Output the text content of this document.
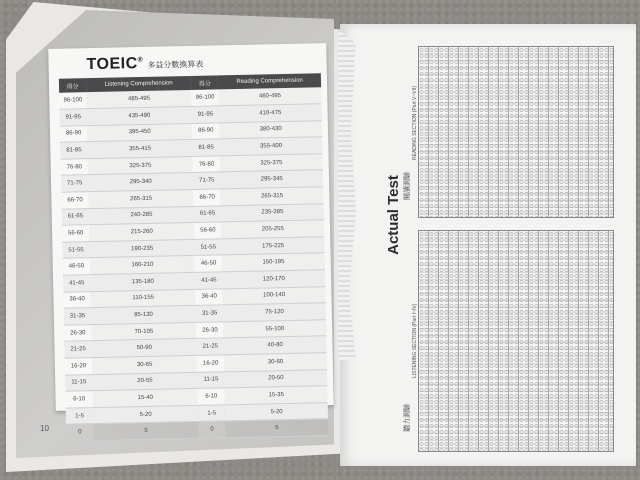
10
TOEIC® 多益分數換算表
得分	Listening Comprehension	得分	Reading Comprehension
96-100	485-495	96-100	460-495
91-95	435-490	91-95	410-475
86-90	395-450	86-90	380-430
81-85	355-415	81-85	355-400
76-80	325-375	76-80	325-375
71-75	295-340	71-75	295-345
66-70	265-315	66-70	265-315
61-65	240-285	61-65	235-285
56-60	215-260	56-60	205-255
51-55	190-235	51-55	175-225
46-50	160-210	46-50	150-195
41-45	135-180	41-45	120-170
36-40	110-155	36-40	100-140
31-35	85-130	31-35	75-120
26-30	70-105	26-30	55-100
21-25	50-90	21-25	40-80
16-20	30-65	16-20	30-60
11-15	20-55	11-15	20-50
6-10	15-40	6-10	15-35
1-5	5-20	1-5	5-20
0	5	0	5
Actual Test 閱讀測驗
READING SECTION (Part V~VII)
聽力測驗
LISTENING SECTION (Part I~IV)
